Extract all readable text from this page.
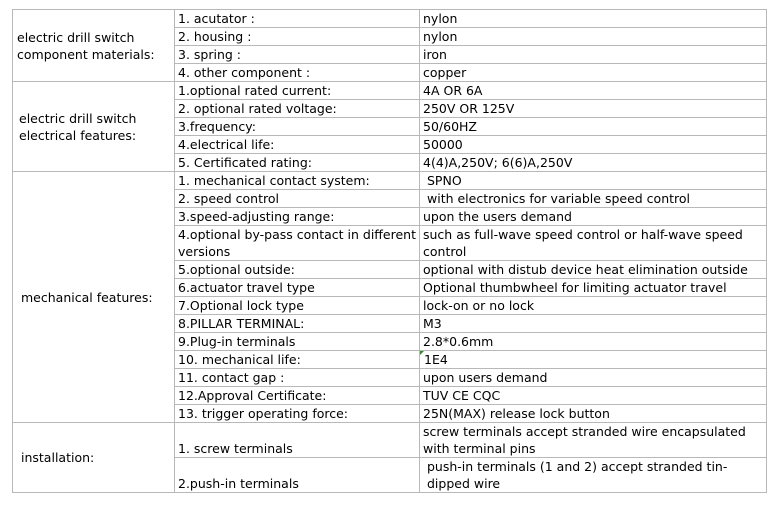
electric drill switch component materials:	1. acutator :	nylon
	2. housing :	nylon
	3. spring :	iron
	4. other component :	copper
electric drill switch electrical features:	1.optional rated current:	4A OR 6A
	2. optional rated voltage:	250V OR 125V
	3.frequency:	50/60HZ
	4.electrical life:	50000
	5. Certificated rating:	4(4)A,250V; 6(6)A,250V
mechanical features:	1. mechanical contact system:	SPNO
	2. speed control	with electronics for variable speed control
	3.speed-adjusting range:	upon the users demand
	4.optional by-pass contact in different versions	such as full-wave speed control or half-wave speed control
	5.optional outside:	optional with distub device heat elimination outside
	6.actuator travel type	Optional thumbwheel for limiting actuator travel
	7.Optional lock type	lock-on or no lock
	8.PILLAR TERMINAL:	M3
	9.Plug-in terminals	2.8*0.6mm
	10. mechanical life:	1E4
	11. contact gap :	upon users demand
	12.Approval Certificate:	TUV CE CQC
	13. trigger operating force:	25N(MAX) release lock button
installation:	1. screw terminals	screw terminals accept stranded wire encapsulated with terminal pins
	2.push-in terminals	push-in terminals (1 and 2) accept stranded tin-dipped wire
